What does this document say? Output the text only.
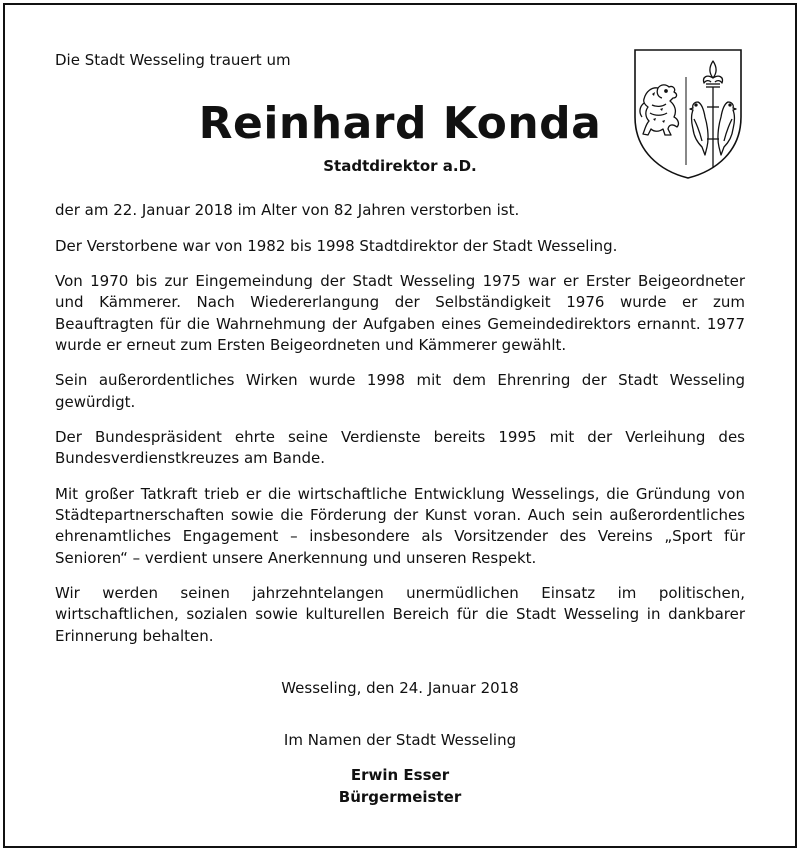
Die Stadt Wesseling trauert um
Reinhard Konda
Stadtdirektor a.D.

der am 22. Januar 2018 im Alter von 82 Jahren verstorben ist.

Der Verstorbene war von 1982 bis 1998 Stadtdirektor der Stadt Wesseling.

Von 1970 bis zur Eingemeindung der Stadt Wesseling 1975 war er Erster Beigeordneter und Kämmerer. Nach Wiedererlangung der Selbständigkeit 1976 wurde er zum Beauftragten für die Wahrnehmung der Aufgaben eines Gemeindedirektors ernannt. 1977 wurde er erneut zum Ersten Beigeordneten und Kämmerer gewählt.

Sein außerordentliches Wirken wurde 1998 mit dem Ehrenring der Stadt Wesseling gewürdigt.

Der Bundespräsident ehrte seine Verdienste bereits 1995 mit der Verleihung des Bundesverdienstkreuzes am Bande.

Mit großer Tatkraft trieb er die wirtschaftliche Entwicklung Wesselings, die Gründung von Städtepartnerschaften sowie die Förderung der Kunst voran. Auch sein außerordentliches ehrenamtliches Engagement – insbesondere als Vorsitzender des Vereins „Sport für Senioren“ – verdient unsere Anerkennung und unseren Respekt.

Wir werden seinen jahrzehntelangen unermüdlichen Einsatz im politischen, wirtschaftlichen, sozialen sowie kulturellen Bereich für die Stadt Wesseling in dankbarer Erinnerung behalten.

Wesseling, den 24. Januar 2018
Im Namen der Stadt Wesseling
Erwin Esser
Bürgermeister
